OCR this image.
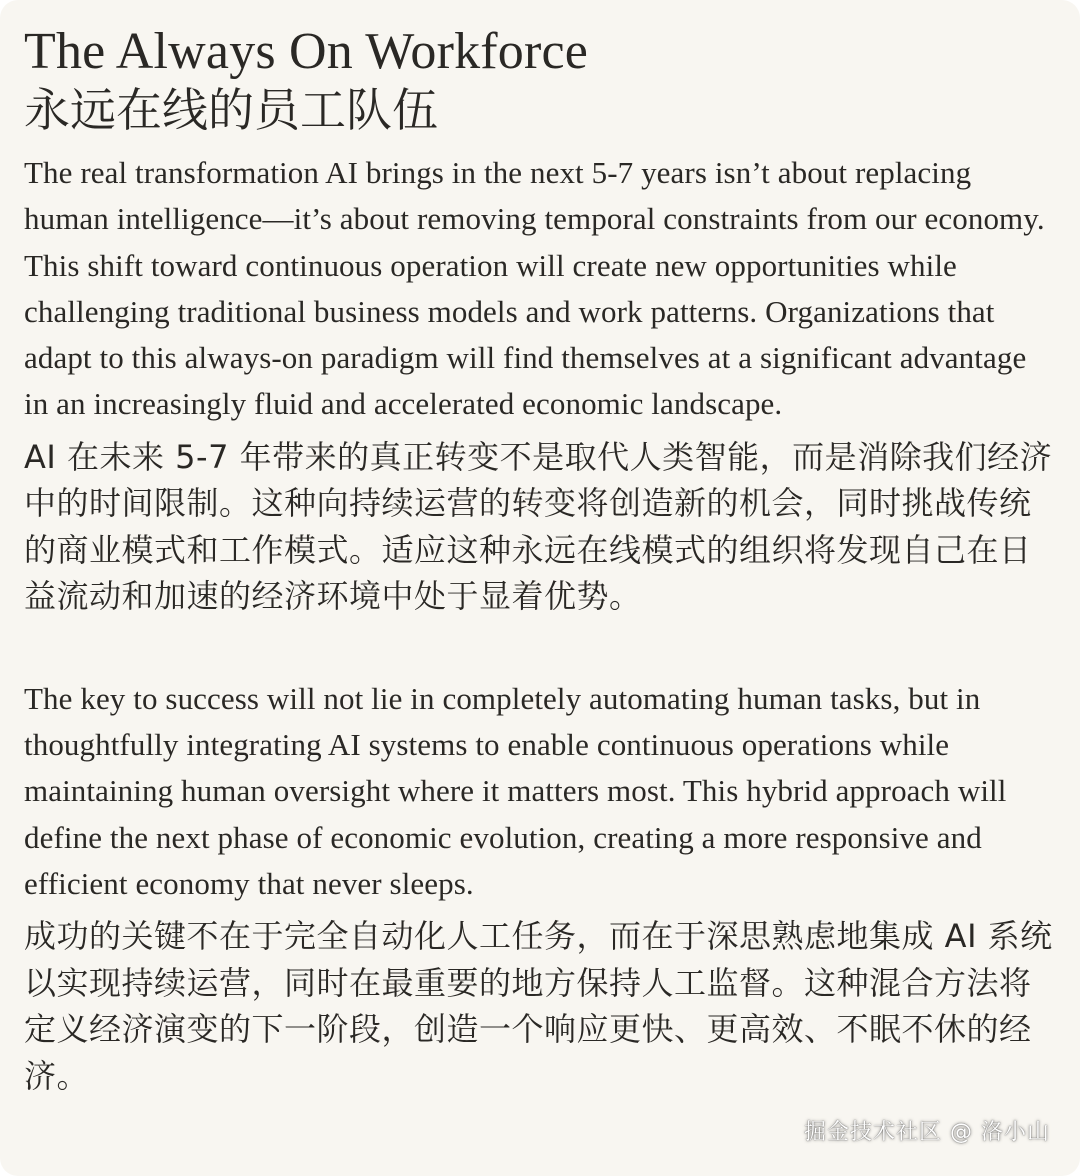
The Always On Workforce
永远在线的员工队伍

The real transformation AI brings in the next 5-7 years isn’t about replacing human intelligence—it’s about removing temporal constraints from our economy. This shift toward continuous operation will create new opportunities while challenging traditional business models and work patterns. Organizations that adapt to this always-on paradigm will find themselves at a significant advantage in an increasingly fluid and accelerated economic landscape.

AI 在未来 5-7 年带来的真正转变不是取代人类智能，而是消除我们经济中的时间限制。这种向持续运营的转变将创造新的机会，同时挑战传统的商业模式和工作模式。适应这种永远在线模式的组织将发现自己在日益流动和加速的经济环境中处于显着优势。

The key to success will not lie in completely automating human tasks, but in thoughtfully integrating AI systems to enable continuous operations while maintaining human oversight where it matters most. This hybrid approach will define the next phase of economic evolution, creating a more responsive and efficient economy that never sleeps.

成功的关键不在于完全自动化人工任务，而在于深思熟虑地集成 AI 系统以实现持续运营，同时在最重要的地方保持人工监督。这种混合方法将定义经济演变的下一阶段，创造一个响应更快、更高效、不眠不休的经济。

掘金技术社区 @ 洛小山
